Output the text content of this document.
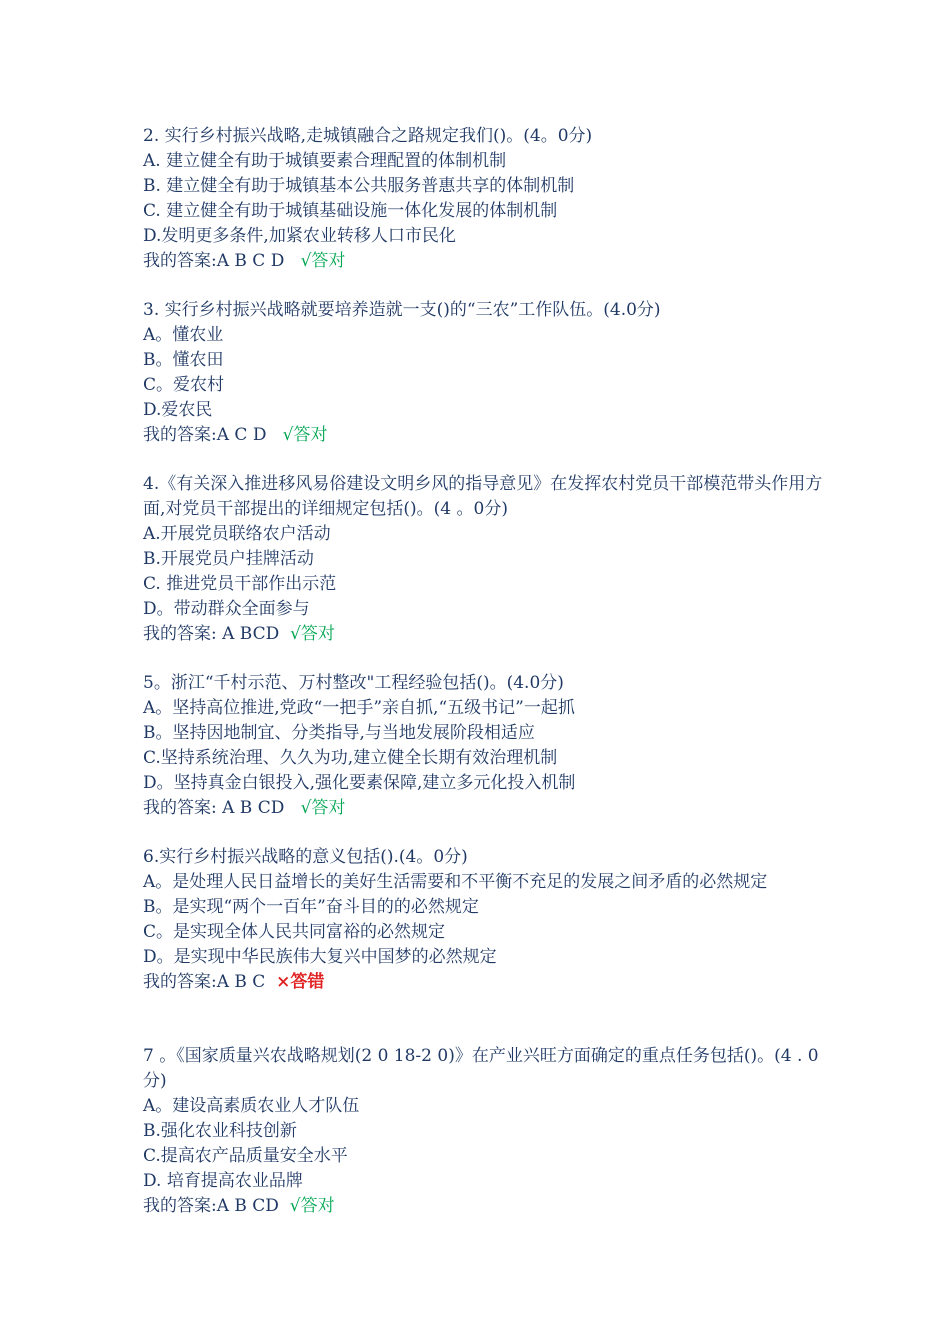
2. 实行乡村振兴战略,走城镇融合之路规定我们()。(4。0分)
A. 建立健全有助于城镇要素合理配置的体制机制
B. 建立健全有助于城镇基本公共服务普惠共享的体制机制
C. 建立健全有助于城镇基础设施一体化发展的体制机制
D.发明更多条件,加紧农业转移人口市民化
我的答案:A B C D √答对
3. 实行乡村振兴战略就要培养造就一支()的“三农”工作队伍。(4.0分)
A。懂农业
B。懂农田
C。爱农村
D.爱农民
我的答案:A C D √答对
4.《有关深入推进移风易俗建设文明乡风的指导意见》在发挥农村党员干部模范带头作用方面,对党员干部提出的详细规定包括()。(4 。0分)
A.开展党员联络农户活动
B.开展党员户挂牌活动
C. 推进党员干部作出示范
D。带动群众全面参与
我的答案: A BCD √答对
5。浙江“千村示范、万村整改"工程经验包括()。(4.0分)
A。坚持高位推进,党政“一把手”亲自抓,“五级书记”一起抓
B。坚持因地制宜、分类指导,与当地发展阶段相适应
C.坚持系统治理、久久为功,建立健全长期有效治理机制
D。坚持真金白银投入,强化要素保障,建立多元化投入机制
我的答案: A B CD √答对
6.实行乡村振兴战略的意义包括().(4。0分)
A。是处理人民日益增长的美好生活需要和不平衡不充足的发展之间矛盾的必然规定
B。是实现“两个一百年”奋斗目的的必然规定
C。是实现全体人民共同富裕的必然规定
D。是实现中华民族伟大复兴中国梦的必然规定
我的答案:A B C ×答错
7 。《国家质量兴农战略规划(2 0 18-2 0)》在产业兴旺方面确定的重点任务包括()。(4 . 0分)
A。建设高素质农业人才队伍
B.强化农业科技创新
C.提高农产品质量安全水平
D. 培育提高农业品牌
我的答案:A B CD √答对
